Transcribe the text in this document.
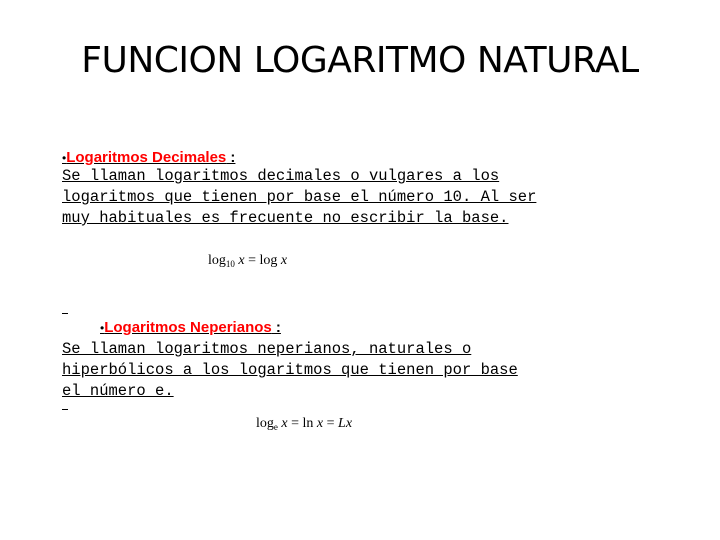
FUNCION LOGARITMO NATURAL
•Logaritmos Decimales :
Se llaman logaritmos decimales o vulgares a los
logaritmos que tienen por base el número 10. Al ser
muy habituales es frecuente no escribir la base.
$\log_{10} x = \log x$
•Logaritmos Neperianos :
Se llaman logaritmos neperianos, naturales o
hiperbólicos a los logaritmos que tienen por base
el número e.
$\log_e x = \ln x = Lx$
